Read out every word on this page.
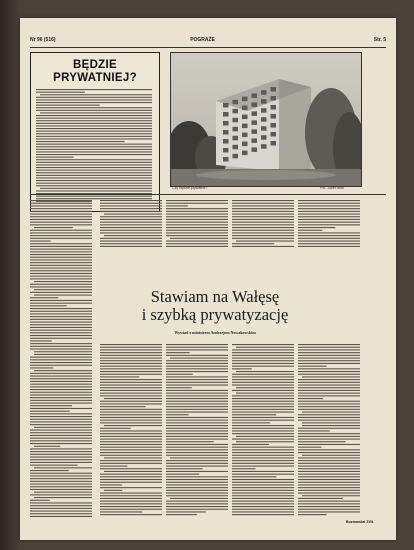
Nr 96 (516)	POGRAŻE	Str. 5
BĘDZIE
PRYWATNIEJ?
Czy będzie prywatne?	Fot. Józef Stok
Stawiam na Wałęsę
i szybką prywatyzację
Wywiad z ministrem Andrzejem Nowakowskim
Rozmawiał ZGŁ
